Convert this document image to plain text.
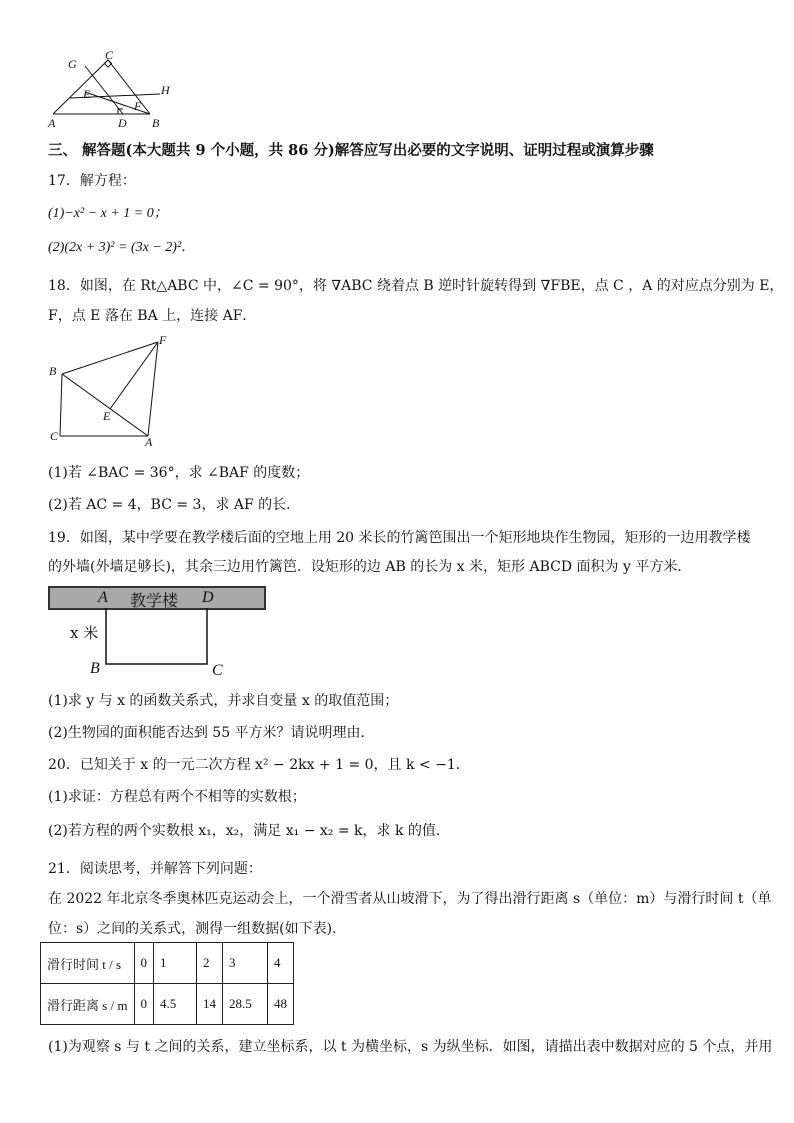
G
C
E	H
F
A	D B
三、 解答题(本大题共 9 个小题，共 86 分)解答应写出必要的文字说明、证明过程或演算步骤
17．解方程：
(1)−x² − x + 1 = 0；
(2)(2x + 3)² = (3x − 2)²．
18．如图，在 Rt△ABC 中，∠C = 90°，将 ∇ABC 绕着点 B 逆时针旋转得到 ∇FBE，点 C ，A 的对应点分别为 E，
F，点 E 落在 BA 上，连接 AF．
F
B
E
C	A
(1)若 ∠BAC = 36°，求 ∠BAF 的度数；
(2)若 AC = 4，BC = 3，求 AF 的长．
19．如图，某中学要在教学楼后面的空地上用 20 米长的竹篱笆围出一个矩形地块作生物园，矩形的一边用教学楼
的外墙(外墙足够长)，其余三边用竹篱笆．设矩形的边 AB 的长为 x 米，矩形 ABCD 面积为 y 平方米．
A 教学楼 D
x 米
B	C
(1)求 y 与 x 的函数关系式，并求自变量 x 的取值范围；
(2)生物园的面积能否达到 55 平方米？请说明理由．
20．已知关于 x 的一元二次方程 x² − 2kx + 1 = 0，且 k < −1．
(1)求证：方程总有两个不相等的实数根；
(2)若方程的两个实数根 x₁，x₂，满足 x₁ − x₂ = k，求 k 的值．
21．阅读思考，并解答下列问题：
在 2022 年北京冬季奥林匹克运动会上，一个滑雪者从山坡滑下，为了得出滑行距离 s（单位：m）与滑行时间 t（单
位：s）之间的关系式，测得一组数据(如下表)．
滑行时间 t / s	0	1	2	3	4
滑行距离 s / m	0	4.5	14	28.5	48
(1)为观察 s 与 t 之间的关系，建立坐标系，以 t 为横坐标，s 为纵坐标．如图，请描出表中数据对应的 5 个点，并用
